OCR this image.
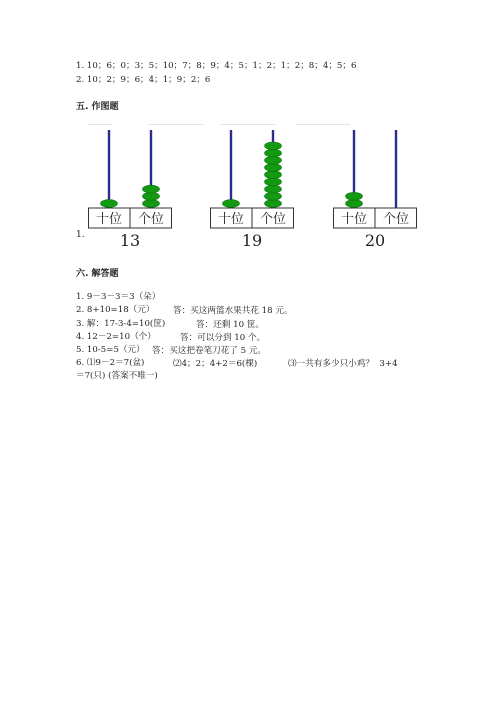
1. 10；6；0；3；5；10；7；8；9；4；5；1；2；1；2；8；4；5；6
2. 10；2；9；6；4；1；9；2；6
五. 作图题
1.
十位 个位
13
十位 个位
19
十位 个位
20
六. 解答题
1. 9－3－3＝3（朵）
2. 8+10=18（元） 答：买这两篮水果共花 18 元。
3. 解：17-3-4=10(筐)	答：还剩 10 筐。
4. 12－2=10（个）	答：可以分到 10 个。
5. 10-5=5（元） 答：买这把卷笔刀花了 5 元。
6. ⑴9－2＝7(盆)	⑵4；2；4+2＝6(棵)	⑶一共有多少只小鸡？  3+4
＝7(只) (答案不唯一)
